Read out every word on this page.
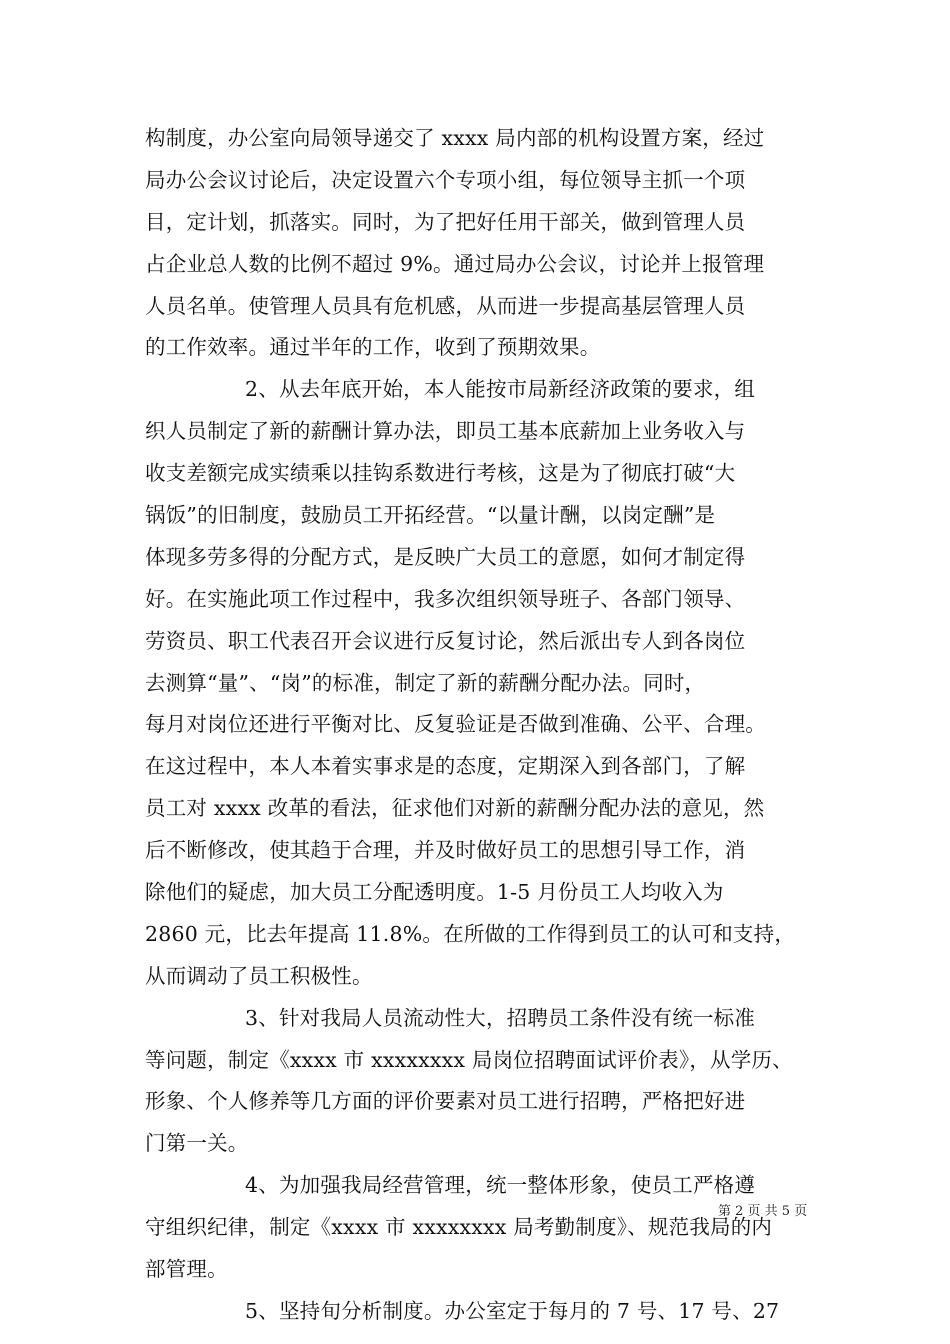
构制度，办公室向局领导递交了 xxxx 局内部的机构设置方案，经过
局办公会议讨论后，决定设置六个专项小组，每位领导主抓一个项
目，定计划，抓落实。同时，为了把好任用干部关，做到管理人员
占企业总人数的比例不超过 9%。通过局办公会议，讨论并上报管理
人员名单。使管理人员具有危机感，从而进一步提高基层管理人员
的工作效率。通过半年的工作，收到了预期效果。
2、从去年底开始，本人能按市局新经济政策的要求，组
织人员制定了新的薪酬计算办法，即员工基本底薪加上业务收入与
收支差额完成实绩乘以挂钩系数进行考核，这是为了彻底打破“大
锅饭”的旧制度，鼓励员工开拓经营。“以量计酬，以岗定酬”是
体现多劳多得的分配方式，是反映广大员工的意愿，如何才制定得
好。在实施此项工作过程中，我多次组织领导班子、各部门领导、
劳资员、职工代表召开会议进行反复讨论，然后派出专人到各岗位
去测算“量”、“岗”的标准，制定了新的薪酬分配办法。同时，
每月对岗位还进行平衡对比、反复验证是否做到准确、公平、合理。
在这过程中，本人本着实事求是的态度，定期深入到各部门，了解
员工对 xxxx 改革的看法，征求他们对新的薪酬分配办法的意见，然
后不断修改，使其趋于合理，并及时做好员工的思想引导工作，消
除他们的疑虑，加大员工分配透明度。1-5 月份员工人均收入为
2860 元，比去年提高 11.8%。在所做的工作得到员工的认可和支持，
从而调动了员工积极性。
3、针对我局人员流动性大，招聘员工条件没有统一标准
等问题，制定《xxxx 市 xxxxxxxx 局岗位招聘面试评价表》，从学历、
形象、个人修养等几方面的评价要素对员工进行招聘，严格把好进
门第一关。
4、为加强我局经营管理，统一整体形象，使员工严格遵
守组织纪律，制定《xxxx 市 xxxxxxxx 局考勤制度》、规范我局的内
部管理。
5、坚持旬分析制度。办公室定于每月的 7 号、17 号、27
第 2 页 共 5 页
